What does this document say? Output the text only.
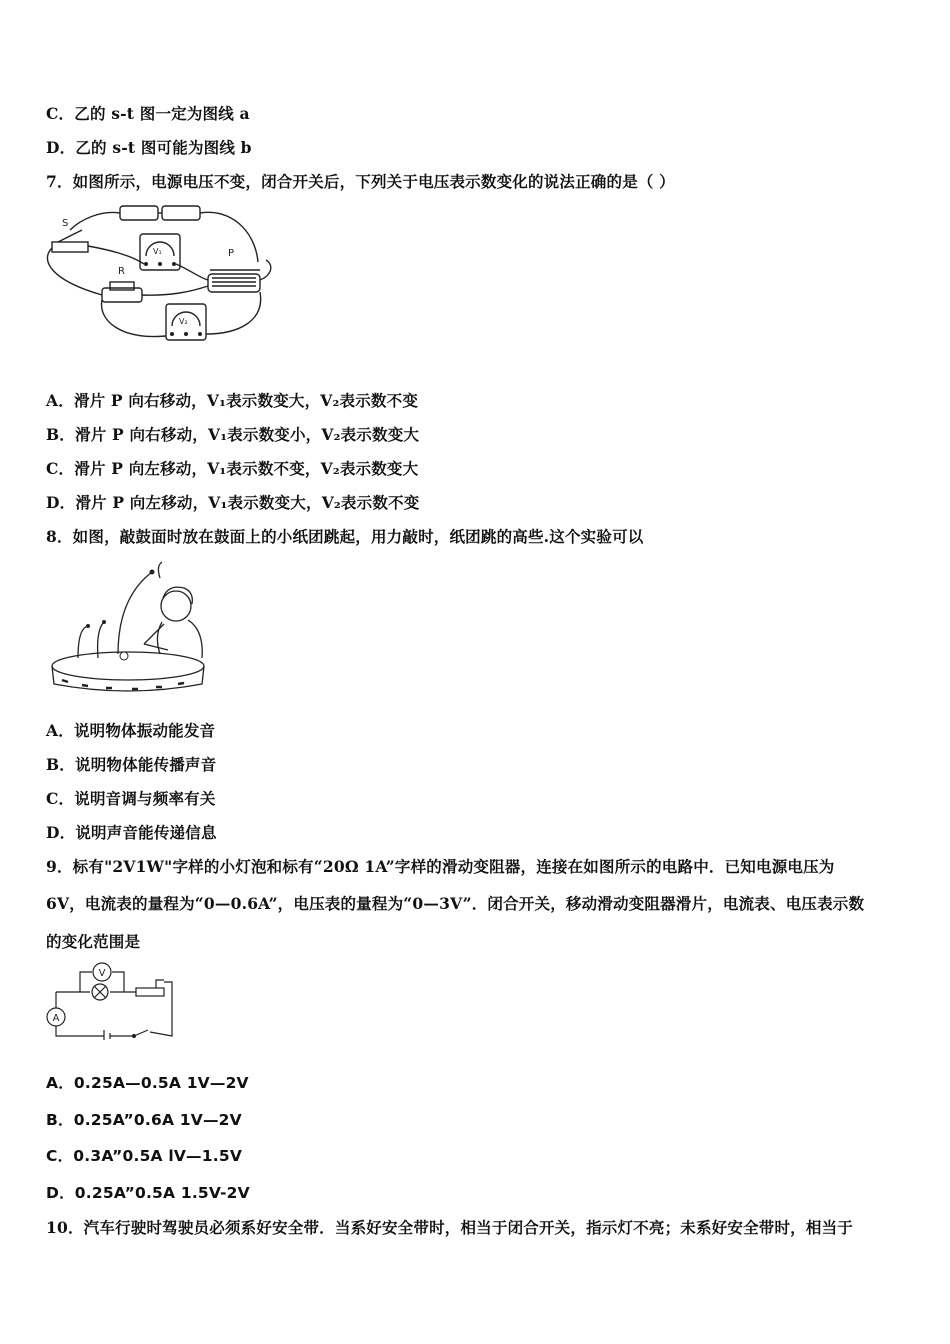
C．乙的 s-t 图一定为图线 a
D．乙的 s-t 图可能为图线 b
7．如图所示，电源电压不变，闭合开关后，下列关于电压表示数变化的说法正确的是（ ）
S
R
P
V₁
V₂
A．滑片 P 向右移动，V₁表示数变大，V₂表示数不变
B．滑片 P 向右移动，V₁表示数变小，V₂表示数变大
C．滑片 P 向左移动，V₁表示数不变，V₂表示数变大
D．滑片 P 向左移动，V₁表示数变大，V₂表示数不变
8．如图，敲鼓面时放在鼓面上的小纸团跳起，用力敲时，纸团跳的高些.这个实验可以
A．说明物体振动能发音
B．说明物体能传播声音
C．说明音调与频率有关
D．说明声音能传递信息
9．标有"2V1W"字样的小灯泡和标有“20Ω 1A”字样的滑动变阻器，连接在如图所示的电路中．已知电源电压为
6V，电流表的量程为“0—0.6A”，电压表的量程为“0—3V”．闭合开关，移动滑动变阻器滑片，电流表、电压表示数
的变化范围是
V
A
A．0.25A—0.5A 1V—2V
B．0.25A”0.6A 1V—2V
C．0.3A”0.5A lV—1.5V
D．0.25A”0.5A 1.5V-2V
10．汽车行驶时驾驶员必须系好安全带．当系好安全带时，相当于闭合开关，指示灯不亮；未系好安全带时，相当于
